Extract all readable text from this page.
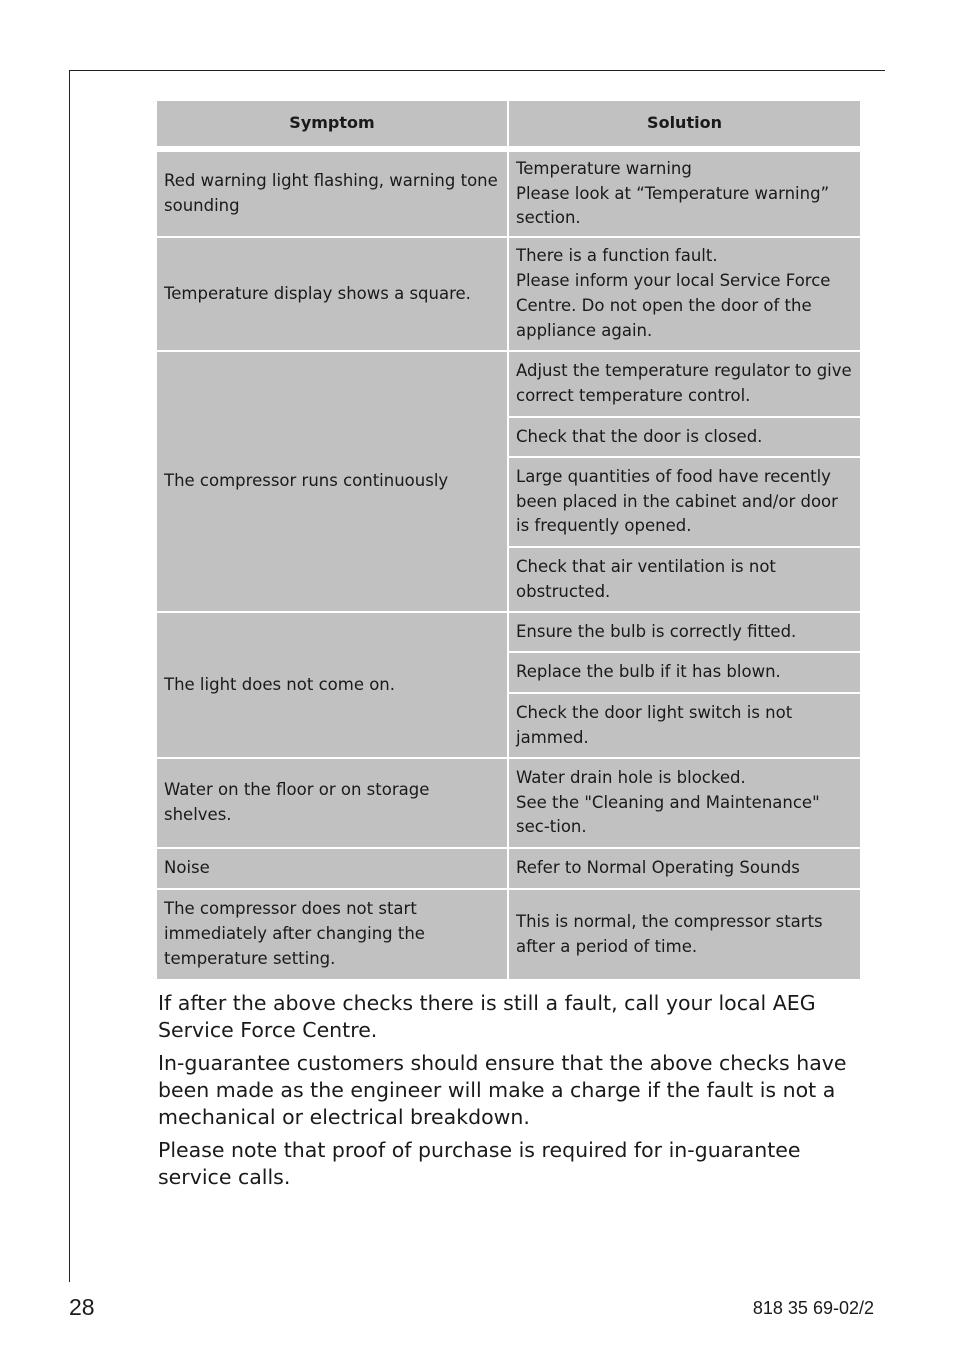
Symptom	Solution
Red warning light flashing, warning tone sounding	Temperature warning
Please look at “Temperature warning” section.
Temperature display shows a square.	There is a function fault.
Please inform your local Service Force Centre. Do not open the door of the appliance again.
The compressor runs continuously	Adjust the temperature regulator to give correct temperature control.
	Check that the door is closed.
	Large quantities of food have recently been placed in the cabinet and/or door is frequently opened.
	Check that air ventilation is not obstructed.
The light does not come on.	Ensure the bulb is correctly fitted.
	Replace the bulb if it has blown.
	Check the door light switch is not jammed.
Water on the floor or on storage shelves.	Water drain hole is blocked.
See the "Cleaning and Maintenance" sec-tion.
Noise	Refer to Normal Operating Sounds
The compressor does not start immediately after changing the temperature setting.	This is normal, the compressor starts after a period of time.

If after the above checks there is still a fault, call your local AEG Service Force Centre.

In-guarantee customers should ensure that the above checks have been made as the engineer will make a charge if the fault is not a mechanical or electrical breakdown.

Please note that proof of purchase is required for in-guarantee service calls.

28	818 35 69-02/2
